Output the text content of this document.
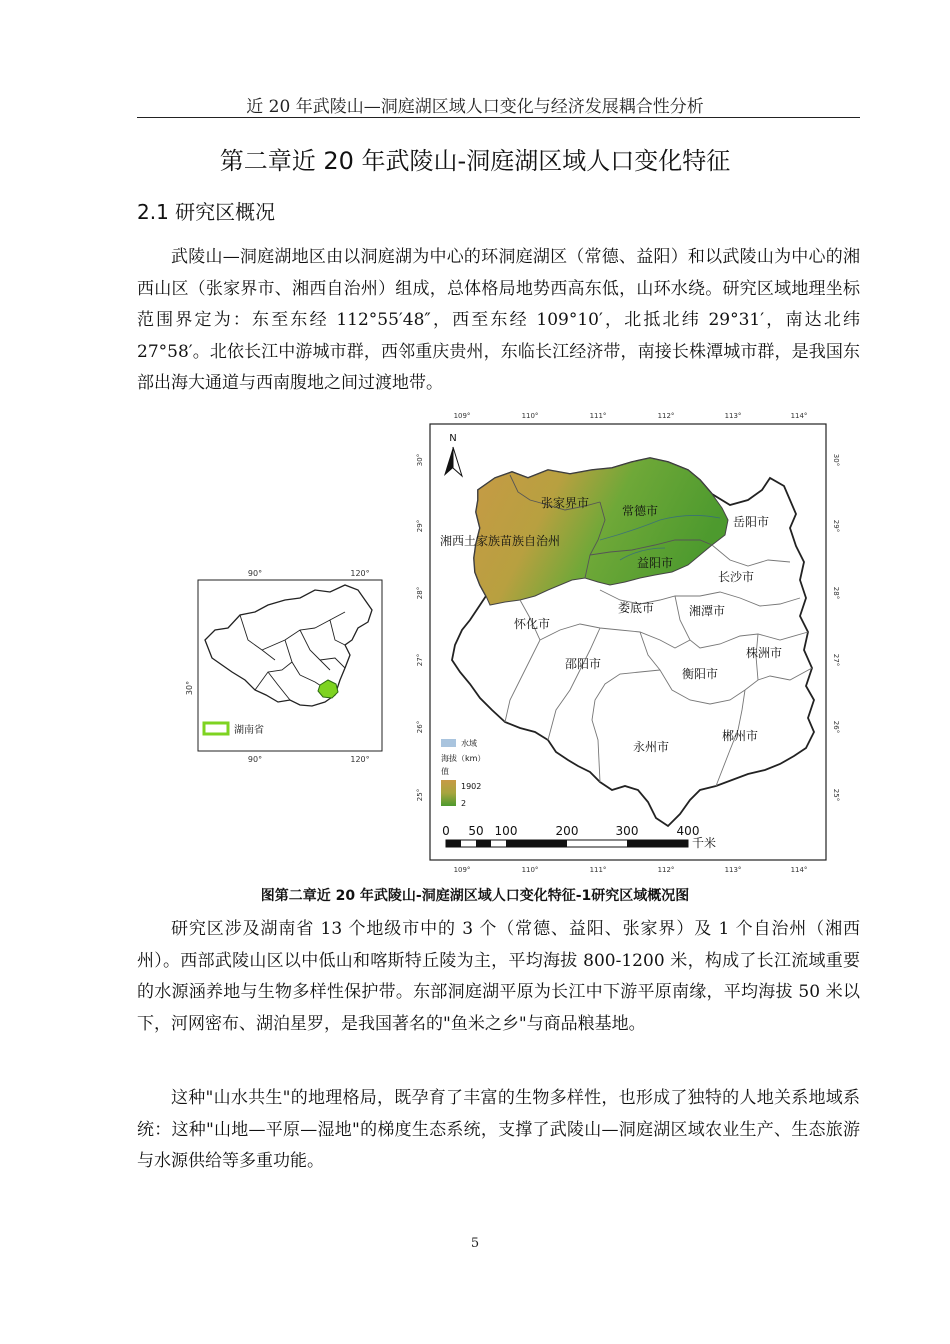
近 20 年武陵山—洞庭湖区域人口变化与经济发展耦合性分析
第二章近 20 年武陵山-洞庭湖区域人口变化特征
2.1 研究区概况

武陵山—洞庭湖地区由以洞庭湖为中心的环洞庭湖区（常德、益阳）和以武陵山为中心的湘西山区（张家界市、湘西自治州）组成，总体格局地势西高东低，山环水绕。研究区域地理坐标范围界定为：东至东经 112°55′48″，西至东经 109°10′，北抵北纬 29°31′，南达北纬 27°58′。北依长江中游城市群，西邻重庆贵州，东临长江经济带，南接长株潭城市群，是我国东部出海大通道与西南腹地之间过渡地带。

90°	120°
90°	120°
30°
湖南省
109°	110°	111°	112°	113°	114°
109°	110°	111°	112°	113°	114°
30°
29°
28°
27°
26°
25°
30°
29°
28°
27°
26°
25°
湘西土家族苗族自治州
张家界市
常德市
益阳市
岳阳市
长沙市
娄底市	湘潭市
怀化市
邵阳市
株洲市
衡阳市
永州市
郴州市
N
水域
海拔（km）
值
1902
2
0 50 100	200	300	400
千米
图第二章近 20 年武陵山-洞庭湖区域人口变化特征-1研究区域概况图

研究区涉及湖南省 13 个地级市中的 3 个（常德、益阳、张家界）及 1 个自治州（湘西州）。西部武陵山区以中低山和喀斯特丘陵为主，平均海拔 800-1200 米，构成了长江流域重要的水源涵养地与生物多样性保护带。东部洞庭湖平原为长江中下游平原南缘，平均海拔 50 米以下，河网密布、湖泊星罗，是我国著名的"鱼米之乡"与商品粮基地。

这种"山水共生"的地理格局，既孕育了丰富的生物多样性，也形成了独特的人地关系地域系统：这种"山地—平原—湿地"的梯度生态系统，支撑了武陵山—洞庭湖区域农业生产、生态旅游与水源供给等多重功能。

5
